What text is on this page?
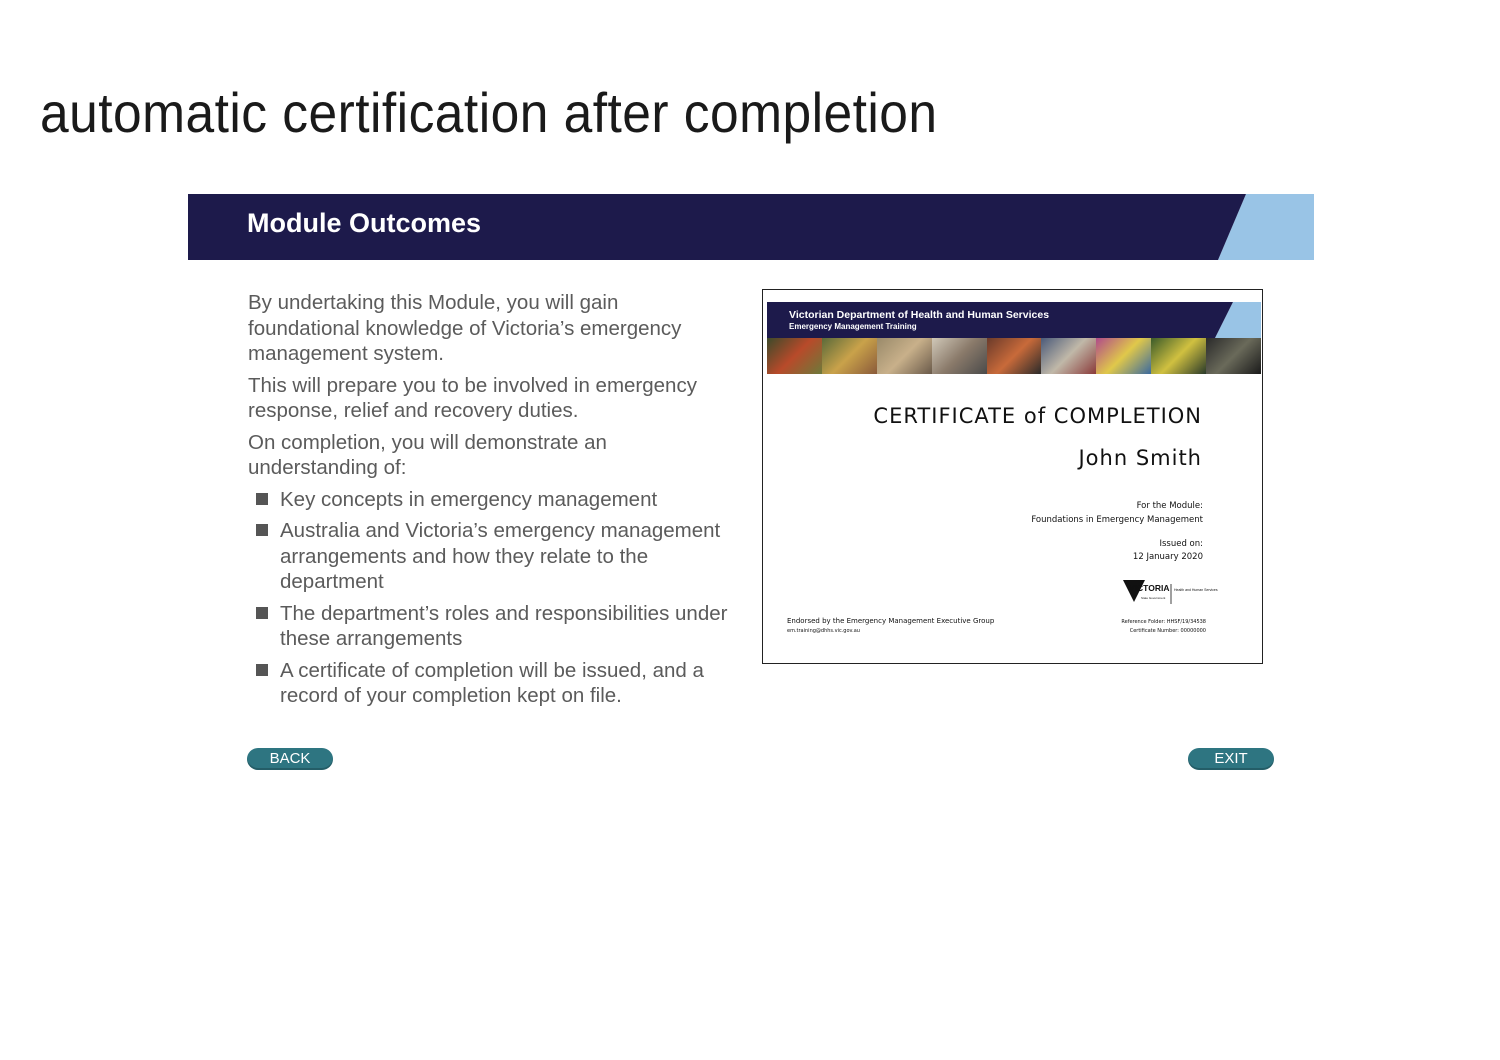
automatic certification after completion
Module Outcomes

By undertaking this Module, you will gain foundational knowledge of Victoria’s emergency management system.

This will prepare you to be involved in emergency response, relief and recovery duties.

On completion, you will demonstrate an understanding of:

Key concepts in emergency management
Australia and Victoria’s emergency management arrangements and how they relate to the department
The department’s roles and responsibilities under these arrangements
A certificate of completion will be issued, and a record of your completion kept on file.
Victorian Department of Health and Human Services
Emergency Management Training
CERTIFICATE of COMPLETION
John Smith
For the Module:
Foundations in Emergency Management
Issued on:
12 January 2020
VICTORIA
State Government
Health and Human Services
Endorsed by the Emergency Management Executive Group
em.training@dhhs.vic.gov.au
Reference Folder: HHSF/19/34538
Certificate Number: 00000000
BACK	EXIT
